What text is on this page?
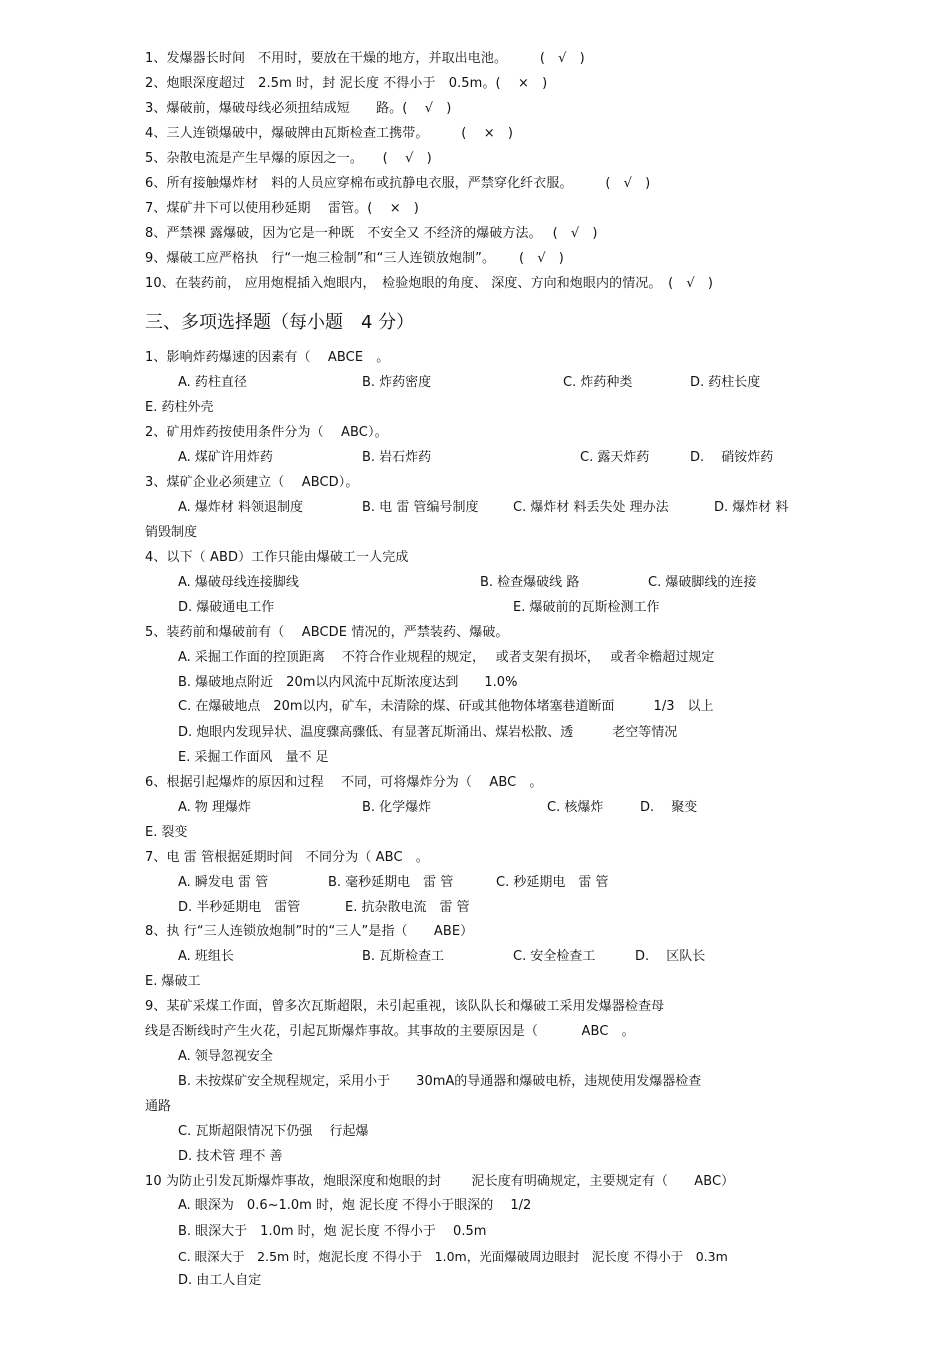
1、发爆器长时间　不用时，要放在干燥的地方，并取出电池。　　　(　√　)
2、炮眼深度超过　2.5m 时，封 泥长度 不得小于　0.5m。(　 ×　)
3、爆破前，爆破母线必须扭结成短　　路。(　 √　)
4、三人连锁爆破中，爆破牌由瓦斯检查工携带。　　　(　 ×　)
5、杂散电流是产生早爆的原因之一。　　(　 √　)
6、所有接触爆炸材　料的人员应穿棉布或抗静电衣服，严禁穿化纤衣服。　　　(　√　)
7、煤矿井下可以使用秒延期　 雷管。(　 ×　)
8、严禁裸 露爆破，因为它是一种既　不安全又 不经济的爆破方法。　 (　√　)
9、爆破工应严格执　行“一炮三检制”和“三人连锁放炮制”。　　 (　√　)
10、在装药前， 应用炮棍插入炮眼内，　检验炮眼的角度、 深度、方向和炮眼内的情况。　(　√　)
三、多项选择题（每小题　4 分）
1、影响炸药爆速的因素有（　 ABCE　。
A. 药柱直径	B. 炸药密度	C. 炸药种类	D. 药柱长度
E. 药柱外壳
2、矿用炸药按使用条件分为（　 ABC）。
A. 煤矿许用炸药	B. 岩石炸药	C. 露天炸药	D.　 硝铵炸药
3、煤矿企业必须建立（　 ABCD）。
A. 爆炸材 料领退制度	B. 电 雷 管编号制度	C. 爆炸材 料丢失处 理办法	D. 爆炸材 料
销毁制度
4、以下（ ABD）工作只能由爆破工一人完成
A. 爆破母线连接脚线	B. 检查爆破线 路	C. 爆破脚线的连接
D. 爆破通电工作	E. 爆破前的瓦斯检测工作
5、装药前和爆破前有（　 ABCDE 情况的，严禁装药、爆破。
A. 采掘工作面的控顶距离　 不符合作业规程的规定，　 或者支架有损坏，　 或者伞檐超过规定
B. 爆破地点附近　20m以内风流中瓦斯浓度达到　　1.0%
C. 在爆破地点　20m以内，矿车，未清除的煤、矸或其他物体堵塞巷道断面　　　1/3　以上
D. 炮眼内发现异状、温度骤高骤低、有显著瓦斯涌出、煤岩松散、透　　　老空等情况
E. 采掘工作面风　量不 足
6、根据引起爆炸的原因和过程　 不同，可将爆炸分为（　 ABC　。
A. 物 理爆炸	B. 化学爆炸	C. 核爆炸	D.　 聚变
E. 裂变
7、电 雷 管根据延期时间　不同分为（ ABC　。
A. 瞬发电 雷 管	B. 毫秒延期电　雷 管	C. 秒延期电　雷 管
D. 半秒延期电　雷管	E. 抗杂散电流　雷 管
8、执 行“三人连锁放炮制”时的“三人”是指（　　ABE）
A. 班组长	B. 瓦斯检查工	C. 安全检查工	D.　 区队长
E. 爆破工
9、某矿采煤工作面，曾多次瓦斯超限，未引起重视，该队队长和爆破工采用发爆器检查母
线是否断线时产生火花，引起瓦斯爆炸事故。其事故的主要原因是（　　　 ABC　。
A. 领导忽视安全
B. 未按煤矿安全规程规定，采用小于　　30mA的导通器和爆破电桥，违规使用发爆器检查
通路
C. 瓦斯超限情况下仍强　 行起爆
D. 技术管 理不 善
10 为防止引发瓦斯爆炸事故，炮眼深度和炮眼的封　　 泥长度有明确规定，主要规定有（　　ABC）
A. 眼深为　0.6~1.0m 时，炮 泥长度 不得小于眼深的　 1/2
B. 眼深大于　1.0m 时，炮 泥长度 不得小于　 0.5m
C. 眼深大于　2.5m 时，炮泥长度 不得小于　1.0m，光面爆破周边眼封　泥长度 不得小于　0.3m
D. 由工人自定
